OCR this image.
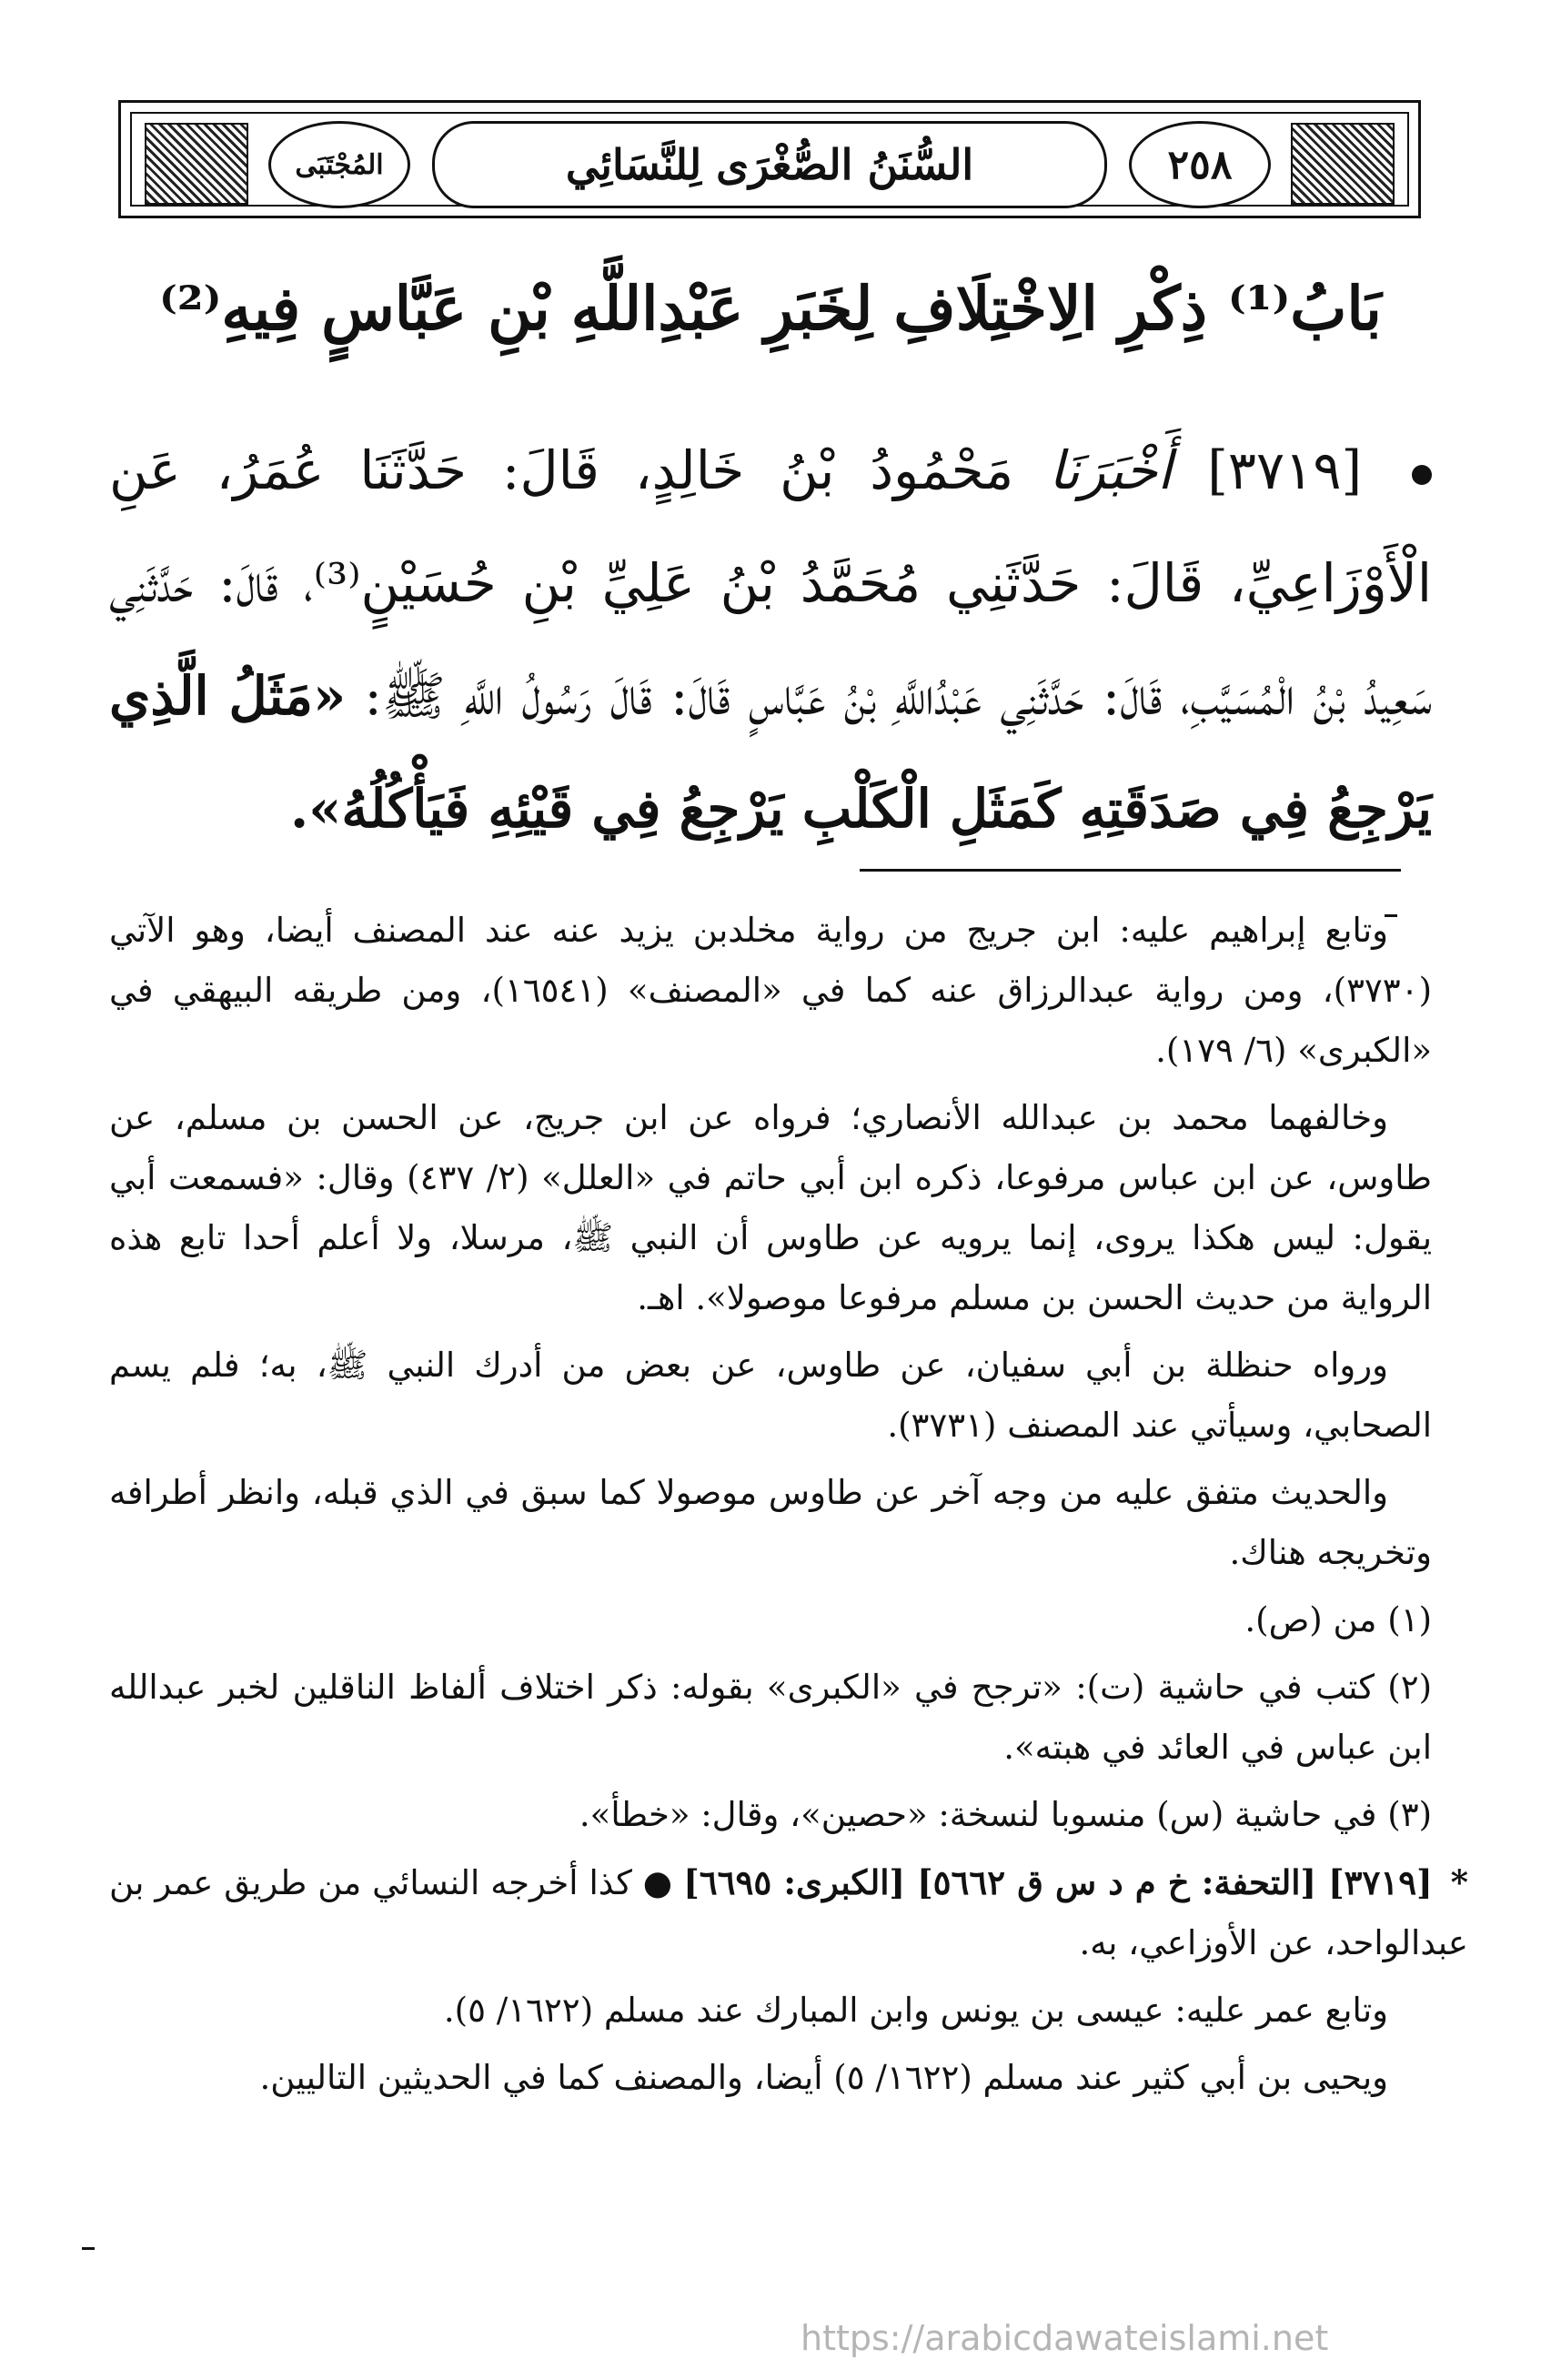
المُجْتَبَى	السُّنَنُ الصُّغْرَى لِلنَّسَائِي	٢٥٨
بَابُ⁽¹⁾ ذِكْرِ الِاخْتِلَافِ لِخَبَرِ عَبْدِاللَّهِ بْنِ عَبَّاسٍ فِيهِ⁽²⁾
[٣٧١٩] أَخْبَرَنَا مَحْمُودُ بْنُ خَالِدٍ، قَالَ: حَدَّثَنَا عُمَرُ، عَنِ الْأَوْزَاعِيِّ، قَالَ: حَدَّثَنِي مُحَمَّدُ بْنُ عَلِيِّ بْنِ حُسَيْنٍ⁽³⁾، قَالَ: حَدَّثَنِي سَعِيدُ بْنُ الْمُسَيَّبِ، قَالَ: حَدَّثَنِي عَبْدُاللَّهِ بْنُ عَبَّاسٍ قَالَ: قَالَ رَسُولُ اللَّهِ ﷺ: «مَثَلُ الَّذِي يَرْجِعُ فِي صَدَقَتِهِ كَمَثَلِ الْكَلْبِ يَرْجِعُ فِي قَيْئِهِ فَيَأْكُلُهُ».

وتابع إبراهيم عليه: ابن جريج من رواية مخلدبن يزيد عنه عند المصنف أيضا، وهو الآتي (٣٧٣٠)، ومن رواية عبدالرزاق عنه كما في «المصنف» (١٦٥٤١)، ومن طريقه البيهقي في «الكبرى» (٦/ ١٧٩).

وخالفهما محمد بن عبدالله الأنصاري؛ فرواه عن ابن جريج، عن الحسن بن مسلم، عن طاوس، عن ابن عباس مرفوعا، ذكره ابن أبي حاتم في «العلل» (٢/ ٤٣٧) وقال: «فسمعت أبي يقول: ليس هكذا يروى، إنما يرويه عن طاوس أن النبي ﷺ، مرسلا، ولا أعلم أحدا تابع هذه الرواية من حديث الحسن بن مسلم مرفوعا موصولا». اهـ.

ورواه حنظلة بن أبي سفيان، عن طاوس، عن بعض من أدرك النبي ﷺ، به؛ فلم يسم الصحابي، وسيأتي عند المصنف (٣٧٣١).

والحديث متفق عليه من وجه آخر عن طاوس موصولا كما سبق في الذي قبله، وانظر أطرافه وتخريجه هناك.

(١) من (ص).

(٢) كتب في حاشية (ت): «ترجح في «الكبرى» بقوله: ذكر اختلاف ألفاظ الناقلين لخبر عبدالله ابن عباس في العائد في هبته».

(٣) في حاشية (س) منسوبا لنسخة: «حصين»، وقال: «خطأ».

* [٣٧١٩] [التحفة: خ م د س ق ٥٦٦٢] [الكبرى: ٦٦٩٥] ● كذا أخرجه النسائي من طريق عمر بن عبدالواحد، عن الأوزاعي، به.

وتابع عمر عليه: عيسى بن يونس وابن المبارك عند مسلم (١٦٢٢/ ٥).

ويحيى بن أبي كثير عند مسلم (١٦٢٢/ ٥) أيضا، والمصنف كما في الحديثين التاليين.

https://arabicdawateislami.net
